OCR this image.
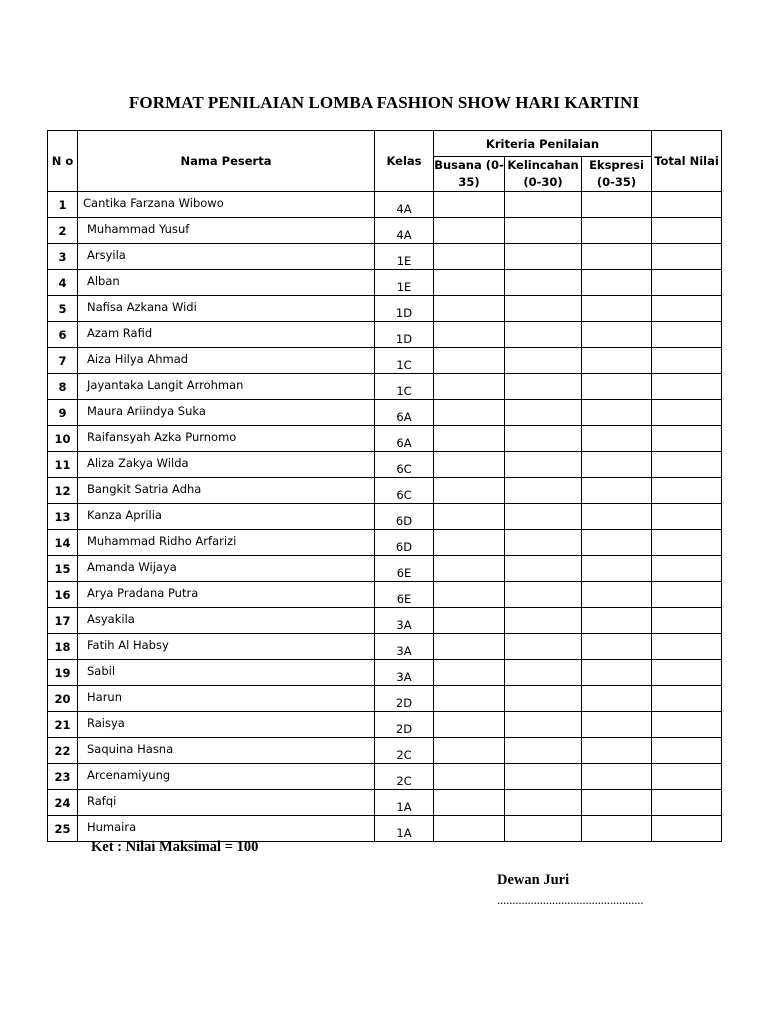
FORMAT PENILAIAN LOMBA FASHION SHOW HARI KARTINI
N o	Nama Peserta	Kelas	Kriteria Penilaian			Total Nilai
			Busana (0-35)	Kelincahan (0-30)	Ekspresi (0-35)	
1	Cantika Farzana Wibowo	4A				
2	Muhammad Yusuf	4A				
3	Arsyila	1E				
4	Alban	1E				
5	Nafisa Azkana Widi	1D				
6	Azam Rafid	1D				
7	Aiza Hilya Ahmad	1C				
8	Jayantaka Langit Arrohman	1C				
9	Maura Ariindya Suka	6A				
10	Raifansyah Azka Purnomo	6A				
11	Aliza Zakya Wilda	6C				
12	Bangkit Satria Adha	6C				
13	Kanza Aprilia	6D				
14	Muhammad Ridho Arfarizi	6D				
15	Amanda Wijaya	6E				
16	Arya Pradana Putra	6E				
17	Asyakila	3A				
18	Fatih Al Habsy	3A				
19	Sabil	3A				
20	Harun	2D				
21	Raisya	2D				
22	Saquina Hasna	2C				
23	Arcenamiyung	2C				
24	Rafqi	1A				
25	Humaira	1A				
Ket : Nilai Maksimal = 100
Dewan Juri
................................................
